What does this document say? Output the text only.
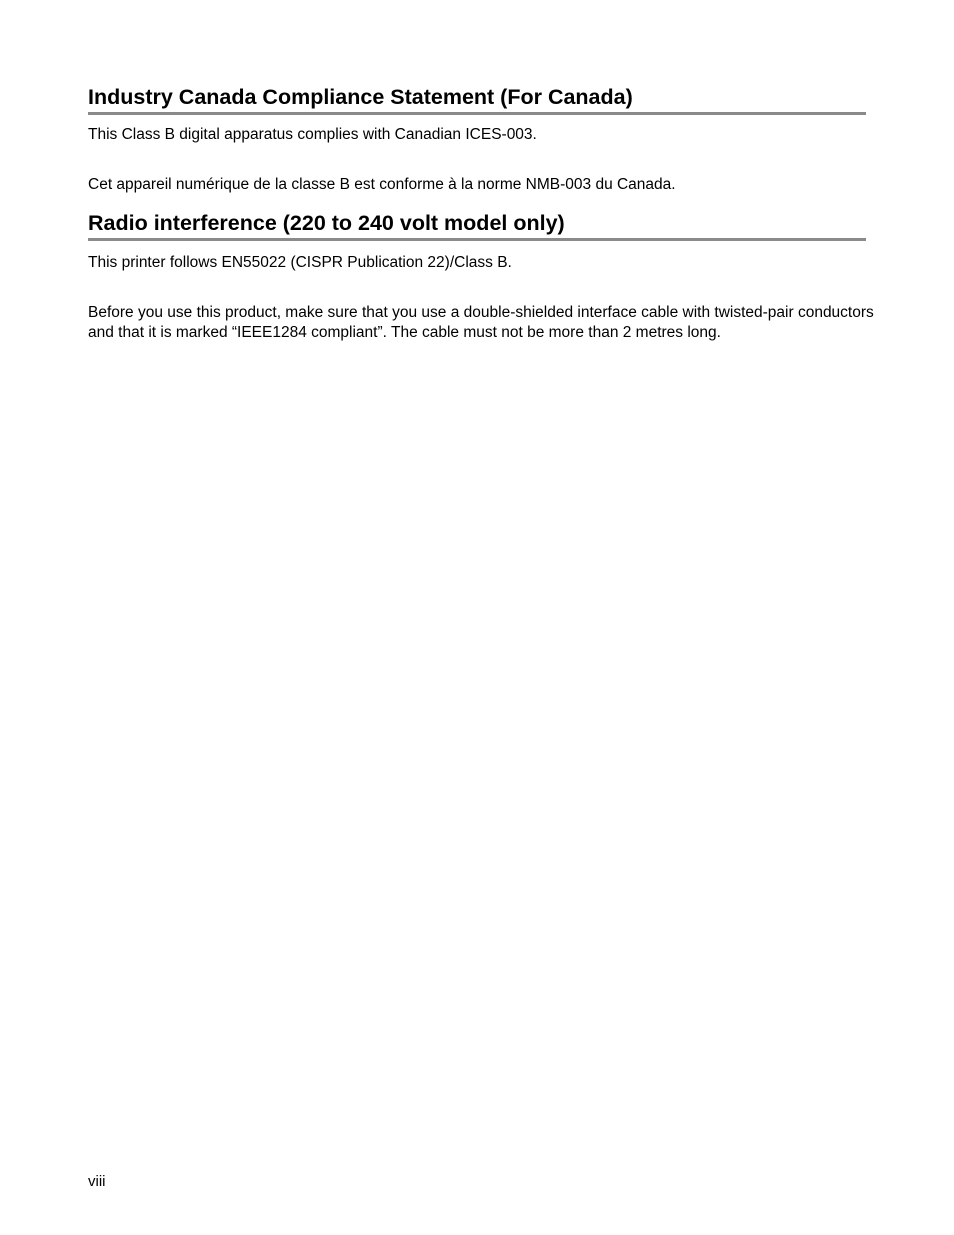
Industry Canada Compliance Statement (For Canada)

This Class B digital apparatus complies with Canadian ICES-003.

Cet appareil numérique de la classe B est conforme à la norme NMB-003 du Canada.

Radio interference (220 to 240 volt model only)

This printer follows EN55022 (CISPR Publication 22)/Class B.

Before you use this product, make sure that you use a double-shielded interface cable with twisted-pair conductors and that it is marked “IEEE1284 compliant”. The cable must not be more than 2 metres long.

viii
